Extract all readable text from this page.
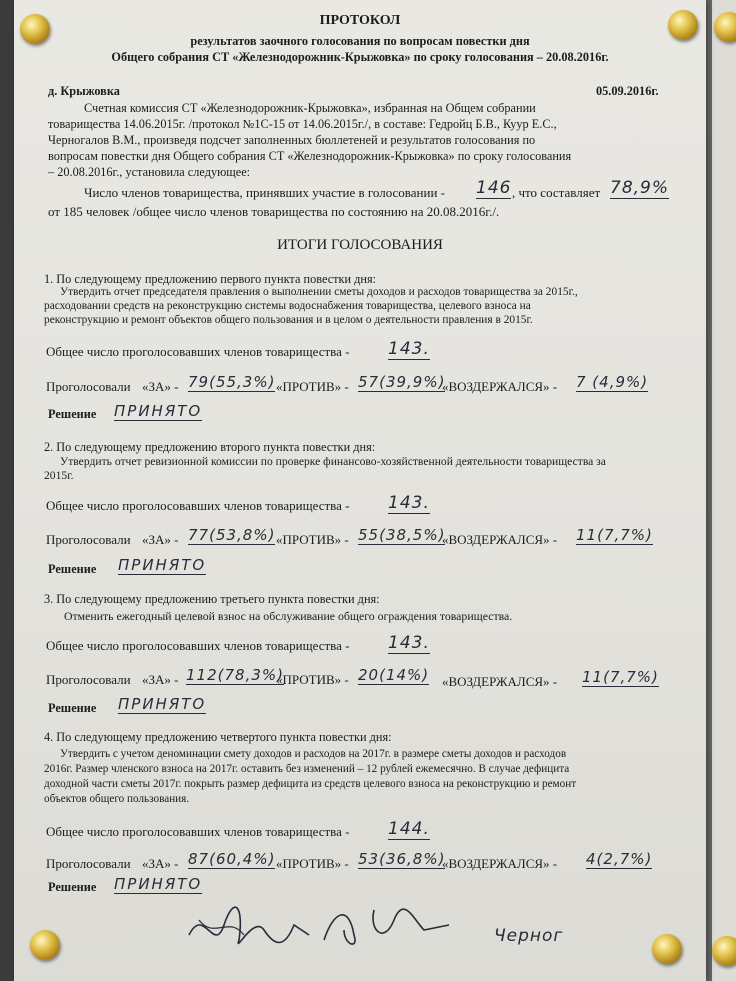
ПРОТОКОЛ
результатов заочного голосования по вопросам повестки дня
Общего собрания СТ «Железнодорожник-Крыжовка» по сроку голосования – 20.08.2016г.
д. Крыжовка	05.09.2016г.
Счетная комиссия СТ «Железнодорожник-Крыжовка», избранная на Общем собрании
товарищества 14.06.2015г. /протокол №1С-15 от 14.06.2015г./, в составе: Гедройц Б.В., Куур Е.С.,
Черногалов В.М., произведя подсчет заполненных бюллетеней и результатов голосования по
вопросам повестки дня Общего собрания СТ «Железнодорожник-Крыжовка» по сроку голосования
– 20.08.2016г., установила следующее:
Число членов товарищества, принявших участие в голосовании - 146 , что составляет 78,9%
от 185 человек /общее число членов товарищества по состоянию на 20.08.2016г./.
ИТОГИ ГОЛОСОВАНИЯ
1. По следующему предложению первого пункта повестки дня:
Утвердить отчет председателя правления о выполнении сметы доходов и расходов товарищества за 2015г.,
расходовании средств на реконструкцию системы водоснабжения товарищества, целевого взноса на
реконструкцию и ремонт объектов общего пользования и в целом о деятельности правления в 2015г.
Общее число проголосовавших членов товарищества - 143.
Проголосовали «ЗА» - 79(55,3%) «ПРОТИВ» - 57(39,9%)
«ВОЗДЕРЖАЛСЯ» - 7 (4,9%)
Решение ПРИНЯТО
2. По следующему предложению второго пункта повестки дня:
Утвердить отчет ревизионной комиссии по проверке финансово-хозяйственной деятельности товарищества за
2015г.
Общее число проголосовавших членов товарищества - 143.
Проголосовали «ЗА» - 77(53,8%) «ПРОТИВ» - 55(38,5%)
«ВОЗДЕРЖАЛСЯ» - 11(7,7%)
Решение ПРИНЯТО
3. По следующему предложению третьего пункта повестки дня:
Отменить ежегодный целевой взнос на обслуживание общего ограждения товарищества.
Общее число проголосовавших членов товарищества - 143.
Проголосовали «ЗА» - 112(78,3%)
«ПРОТИВ» - 20(14%) «ВОЗДЕРЖАЛСЯ» - 11(7,7%)
Решение ПРИНЯТО
4. По следующему предложению четвертого пункта повестки дня:
Утвердить с учетом деноминации смету доходов и расходов на 2017г. в размере сметы доходов и расходов
2016г. Размер членского взноса на 2017г. оставить без изменений – 12 рублей ежемесячно. В случае дефицита
доходной части сметы 2017г. покрыть размер дефицита из средств целевого взноса на реконструкцию и ремонт
объектов общего пользования.
Общее число проголосовавших членов товарищества - 144.
Проголосовали «ЗА» - 87(60,4%) «ПРОТИВ» - 53(36,8%)
«ВОЗДЕРЖАЛСЯ» - 4(2,7%)
Решение ПРИНЯТО
Черног
